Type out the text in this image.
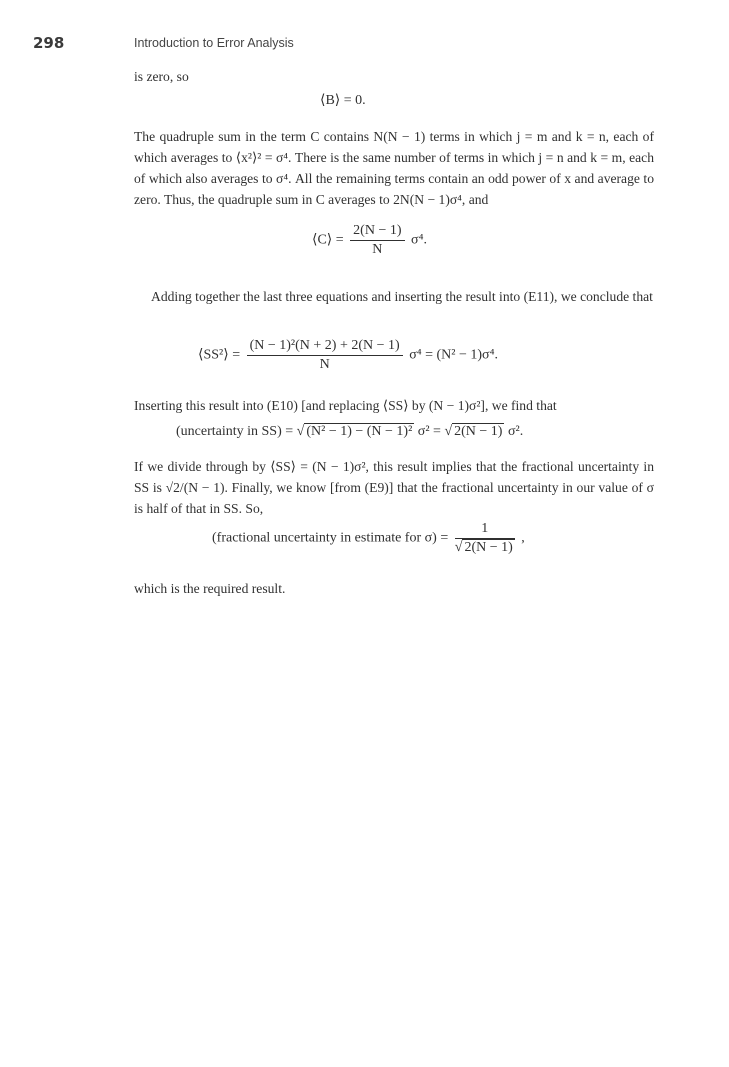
298	Introduction to Error Analysis
is zero, so
⟨B⟩ = 0.
The quadruple sum in the term C contains N(N − 1) terms in which j = m and k = n, each of which averages to ⟨x²⟩² = σ⁴. There is the same number of terms in which j = n and k = m, each of which also averages to σ⁴. All the remaining terms contain an odd power of x and average to zero. Thus, the quadruple sum in C averages to 2N(N − 1)σ⁴, and
⟨C⟩ = $\frac{2(N - 1)}{N} \sigma^4$.
Adding together the last three equations and inserting the result into (E11), we conclude that
⟨SS²⟩ = $\frac{\text{(N − 1)²(N + 2) + 2(N − 1)}}{N} \sigma^4 = (N^2 - 1)\sigma^4$.
Inserting this result into (E10) [and replacing ⟨SS⟩ by (N − 1)σ²], we find that
(uncertainty in SS) = √ (N² − 1) − (N − 1)² σ² = √ 2(N − 1) σ².
If we divide through by ⟨SS⟩ = (N − 1)σ², this result implies that the fractional uncertainty in SS is √2/(N − 1). Finally, we know [from (E9)] that the fractional uncertainty in our value of σ is half of that in SS. So,
(fractional uncertainty in estimate for $\sigma) = \frac{1}{√ 2(N - 1)}$ ,
which is the required result.
